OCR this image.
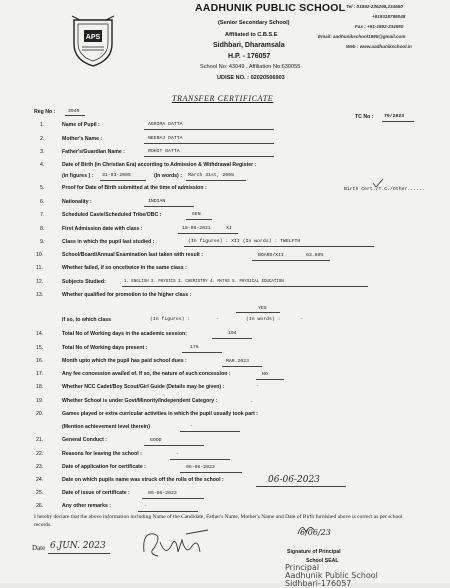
APS
AADHUNIK PUBLIC SCHOOL
(Senior Secondary School)
Affiliated to C.B.S.E
Sidhbari, Dharamsala
H.P. - 176057
School No: 43049 , Affiliation No:630055
UDISE NO. : 02020506903
Tel : 01892-236298,234550
+919318795048
Fax : +91-1892-234550
Email: aadhunikschool1995@gmail.com
Web : www.aadhunikschool.in
TRANSFER CERTIFICATE
Reg No :	3949
TC No : 79/2023
1.	Name of Pupil :	AGRIMA DATTA
2.	Mother's Name :	NEERAJ DATTA
3.	Father's/Guardian Name :	ROHIT DATTA
4.	Date of Birth (in Christian Era) according to Admission & Withdrawal Register :
(in figures ) : 31-03-2005	(In words) : March 31st, 2005
5.	Proof for Date of Birth submitted at the time of admission :	Birth Cert./T.C./Other......
6.	Nationality :	INDIAN
7.	Scheduled Caste/Scheduled Tribe/OBC :	GEN
8.	First Admission date with class :	18-08-2021	XI
9.	Class in which the pupil last studied :	(In figures) : XII (In words) : TWELFTH
10.	School/Board/Annual Examination last taken with result :	BOARD/XII	63.60%
11.	Whether failed, if so once/twice in the same class :
12.	Subjects Studied:	1. ENGLISH 2. PHYSICS 3. CHEMISTRY 4. MATHS 5. PHYSICAL EDUCATION
13.	Whether qualified for promotion to the higher class :
YES
If so, to which class	(In figures) :	-	(In words) :	-
14.	Total No of Working days in the academic session:	194
15.	Total No of Working days present :	176
16.	Month upto which the pupil has paid school dues :	MAR.2023
17.	Any fee concession availed of. If so, the nature of such concession :	NO
18.	Whether NCC Cadet/Boy Scout/Girl Guide (Details may be given) :	-
19.	Whether School is under Govt/Minority/Independent Category :	-
20.	Games played or extra curricular activities in which the pupil usually took part :
(Mention achievement level therein)	-
21.	General Conduct :	GOOD
22.	Reasons for leaving the school :	-
23.	Date of application for certificate :	06-06-2023
24.	Date on which pupils name was struck off the rolls of the school :	06-06-2023
25.	Date of issue of certificate :	06-06-2023
26.	Any other remarks :	-
I hereby declare that the above information including Name of the Candidate, Father's Name, Mother's Name and Date of Birth furnished above is correct as per school records.
Date 6.JUN. 2023
6/06/23
Signature of Principal
School SEAL
Principal
Aadhunik Public School
Sidhbari-176057
